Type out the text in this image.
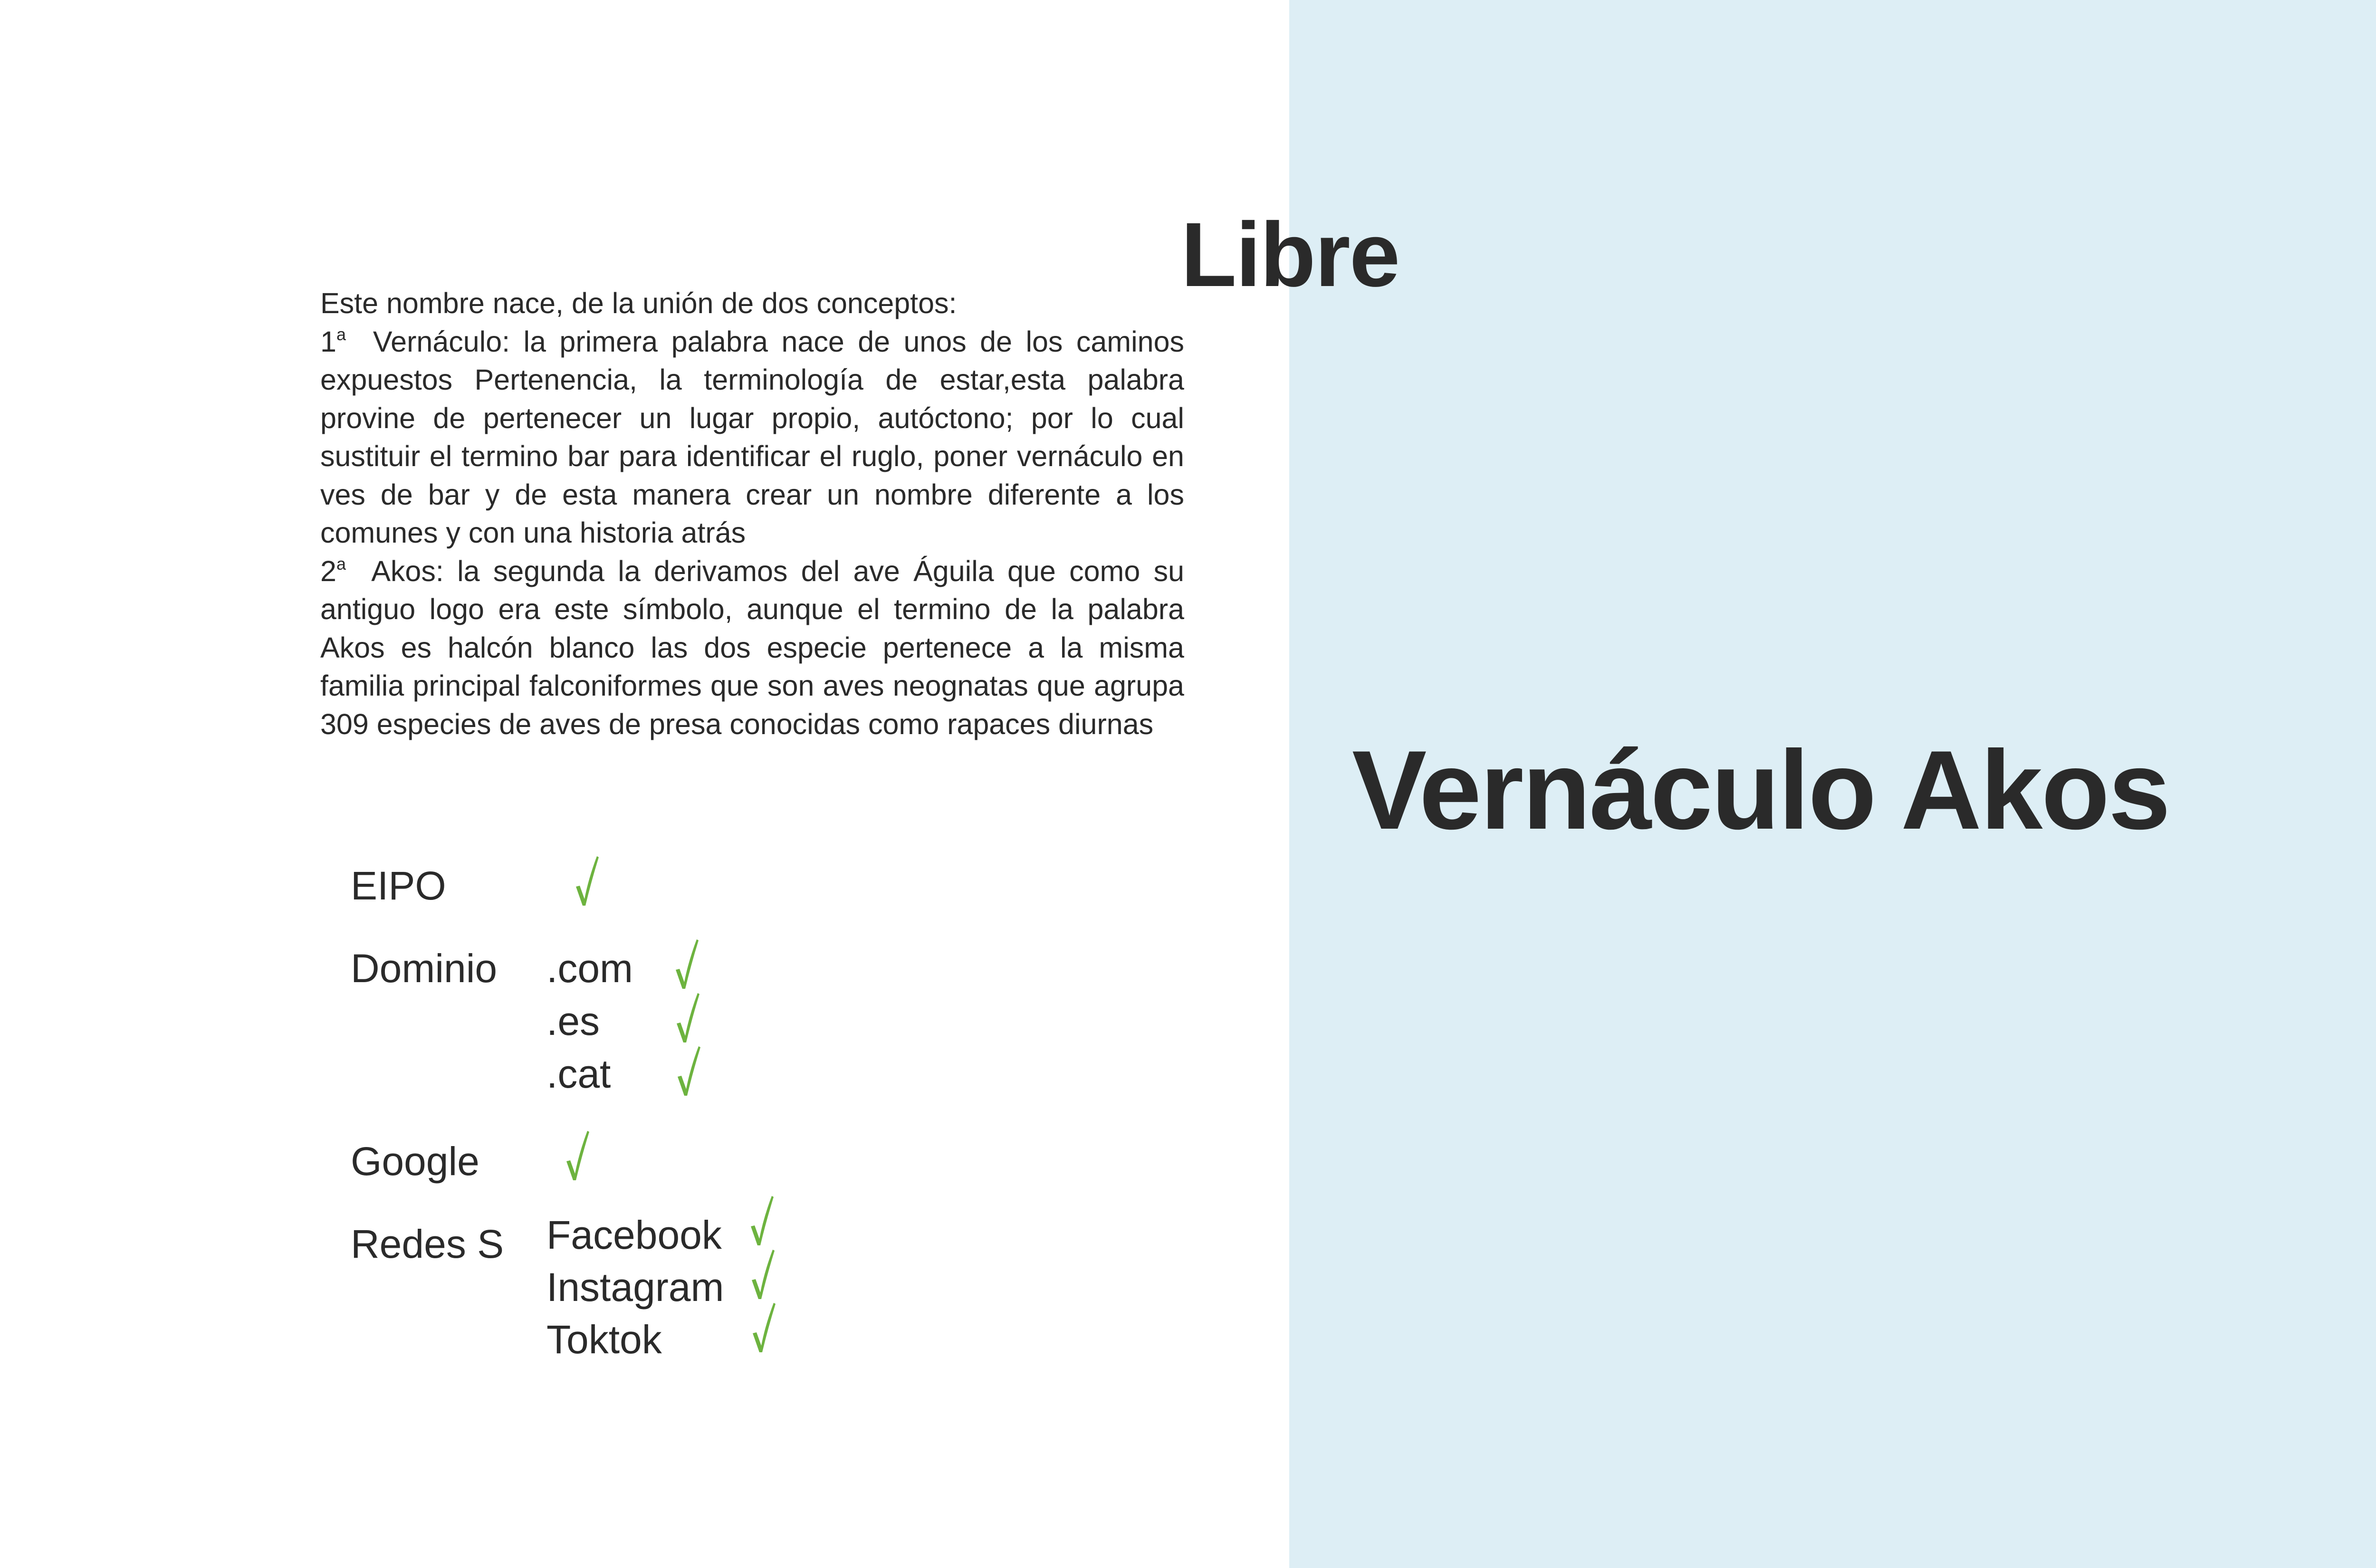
Libre
Vernáculo Akos

Este nombre nace, de la unión de dos conceptos:

1$^a$ Vernáculo: la primera palabra nace de unos de los caminos expuestos Pertenencia, la terminología de estar,esta palabra provine de pertenecer un lugar propio, autóctono; por lo cual sustituir el termino bar para identificar el ruglo, poner vernáculo en ves de bar y de esta manera crear un nombre diferente a los comunes y con una historia atrás

2$^a$ Akos: la segunda la derivamos del ave Águila que como su antiguo logo era este símbolo, aunque el termino de la palabra Akos es halcón blanco las dos especie pertenece a la misma familia principal falconiformes que son aves neognatas que agrupa 309 especies de aves de presa conocidas como rapaces diurnas

EIPO
Dominio .com
.es
.cat
Google
Redes S Facebook
Instagram
Toktok
